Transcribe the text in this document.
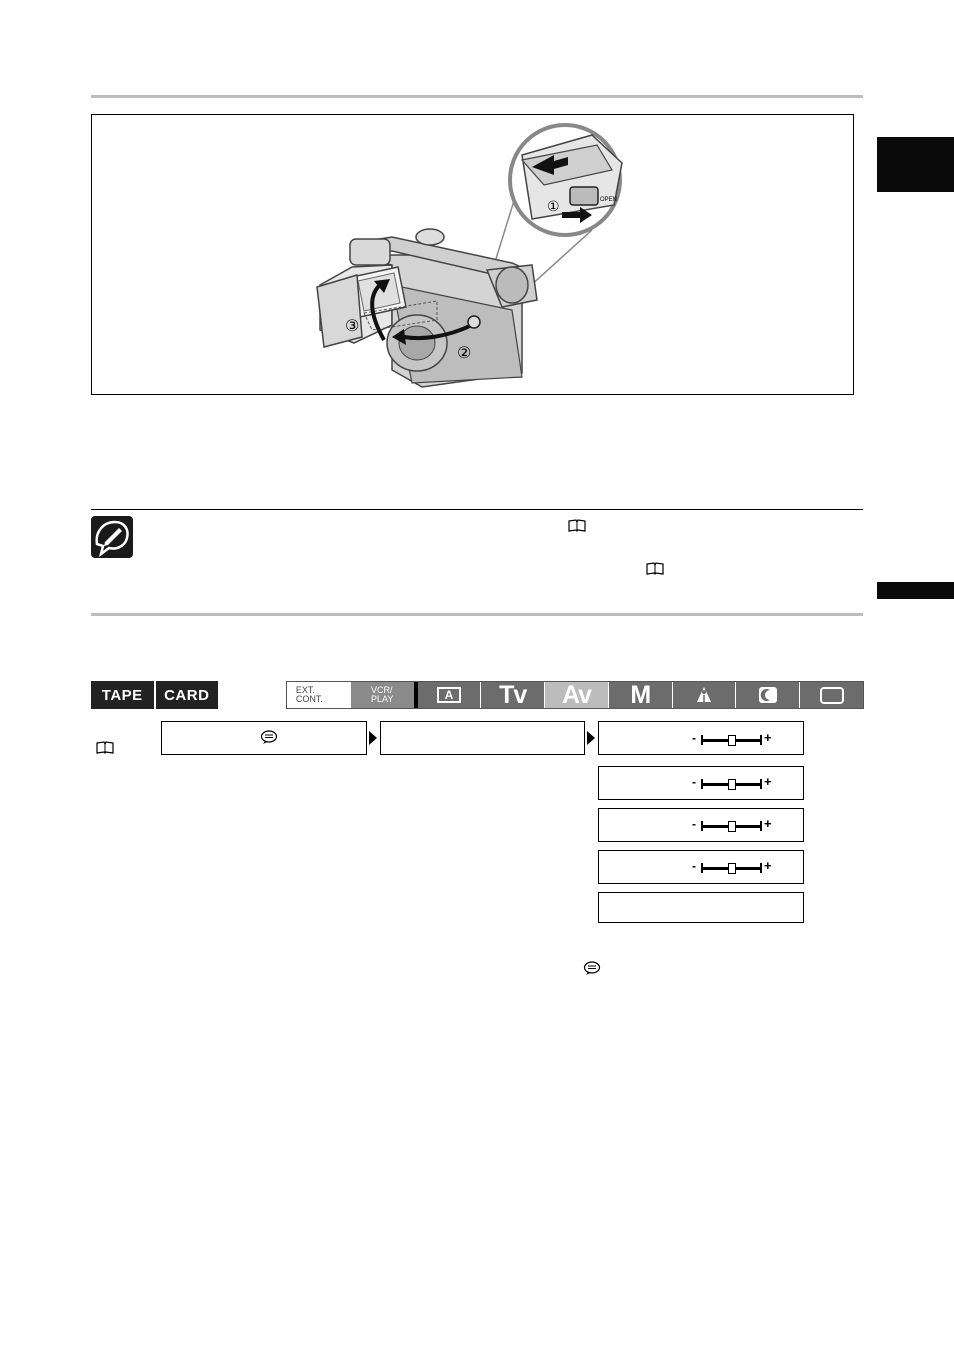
①	OPEN
③
②
TAPE	CARD	EXT.
CONT.
VCR/
PLAY	A	Tv Av M
-	+
-	+
-	+
-	+
